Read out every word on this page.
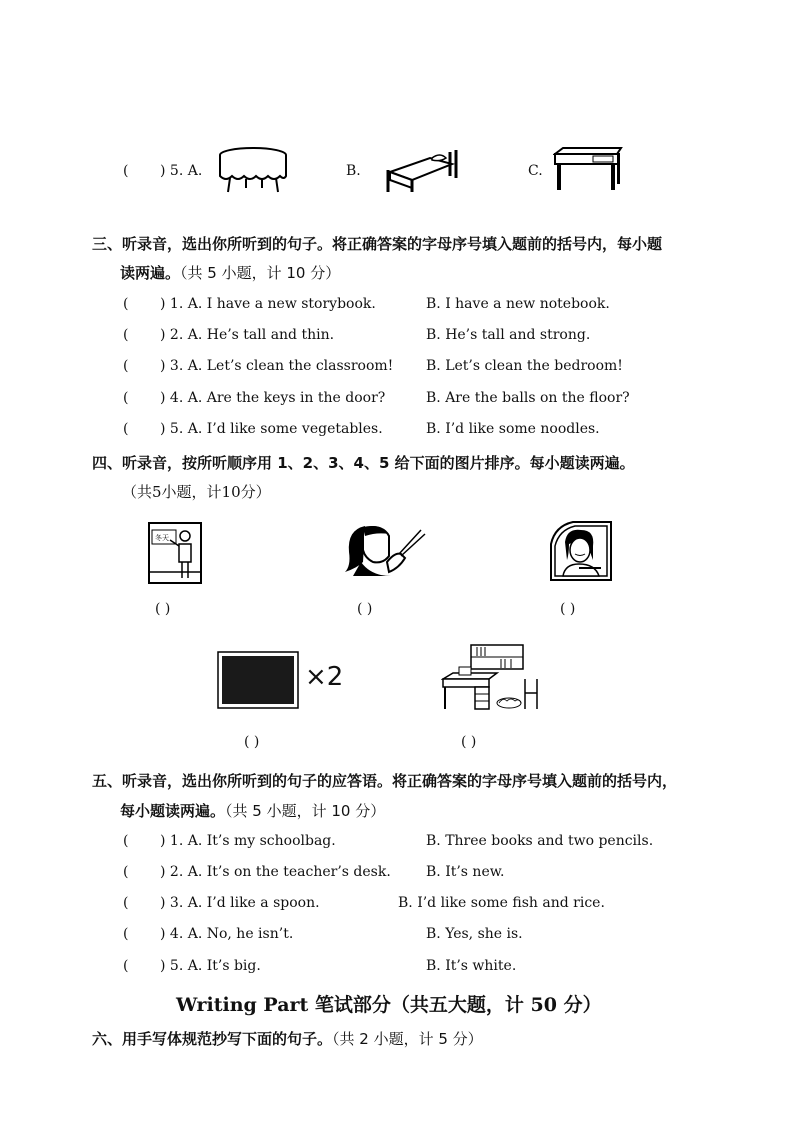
( ) 5. A.	B.	C.
三、听录音，选出你所听到的句子。将正确答案的字母序号填入题前的括号内，每小题
读两遍。（共 5 小题，计 10 分）
( ) 1. A. I have a new storybook.	B. I have a new notebook.
( ) 2. A. He’s tall and thin.	B. He’s tall and strong.
( ) 3. A. Let’s clean the classroom! B. Let’s clean the bedroom!
( ) 4. A. Are the keys in the door?	B. Are the balls on the floor?
( ) 5. A. I’d like some vegetables.	B. I’d like some noodles.
四、听录音，按所听顺序用 1、2、3、4、5 给下面的图片排序。每小题读两遍。
（共5小题，计10分）
冬天
( )	( )	( )
×2
( )	( )
五、听录音，选出你所听到的句子的应答语。将正确答案的字母序号填入题前的括号内，
每小题读两遍。（共 5 小题，计 10 分）
( ) 1. A. It’s my schoolbag.	B. Three books and two pencils.
( ) 2. A. It’s on the teacher’s desk.	B. It’s new.
( ) 3. A. I’d like a spoon.	B. I’d like some fish and rice.
( ) 4. A. No, he isn’t.	B. Yes, she is.
( ) 5. A. It’s big.	B. It’s white.
Writing Part 笔试部分（共五大题，计 50 分）
六、用手写体规范抄写下面的句子。（共 2 小题，计 5 分）
